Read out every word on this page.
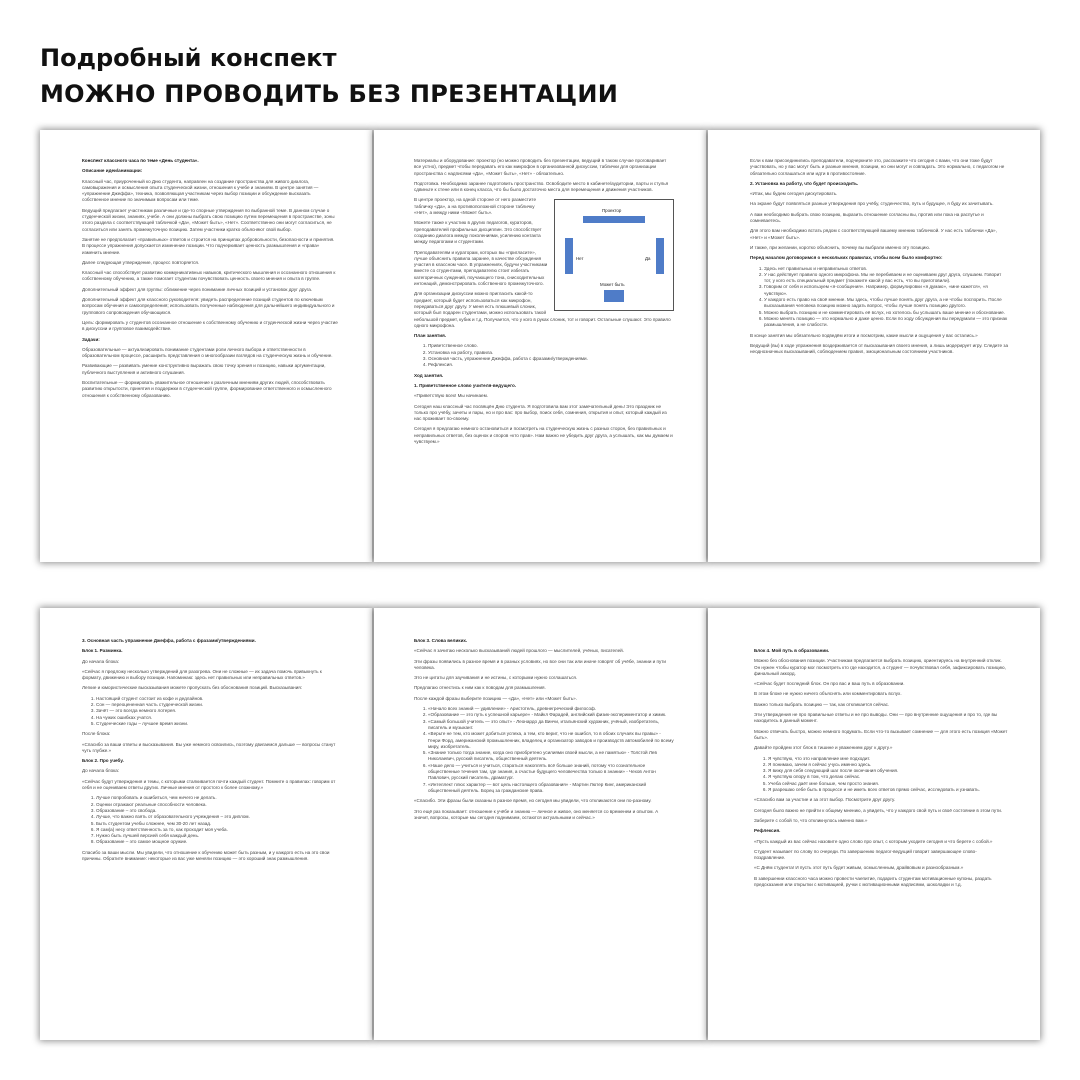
Подробный конспект
МОЖНО ПРОВОДИТЬ БЕЗ ПРЕЗЕНТАЦИИ
Конспект классного часа по теме «День студента».
Описание идеи/анимации:
Классный час, приуроченный ко Дню студента, направлен на создание пространства для живого диалога, самовыражения и осмысления опыта студенческой жизни, отношения к учебе и знаниям. В центре занятия — «упражнение Джеффа», техника, позволяющая участникам через выбор позиции и обсуждение высказать собственное мнение по значимым вопросам или теме.
Ведущий предлагает участникам различные и где-то спорные утверждения по выбранной теме. В данном случае о студенческой жизни, знаниях, учебе. А они должны выбрать свою позицию путем перемещения в пространстве, зоны этого раздела с соответствующей табличкой «Да», «Может быть», «Нет». Соответственно они могут согласиться, не согласиться или занять промежуточную позицию. Затем участники кратко объясняют свой выбор.
Занятие не предполагает «правильных» ответов и строится на принципах добровольности, безопасности и принятия. В процессе упражнения допускается изменение позиции. Что подчеркивает ценность размышления и «права» изменить мнение.
Далее следующая утверждение, процесс повторяется.
Классный час способствует развитию коммуникативных навыков, критического мышления и осознанного отношения к собственному обучению, а также помогает студентам почувствовать ценность своего мнения и опыта в группе.
Дополнительный эффект для группы: сближение через понимание личных позиций и установок друг друга.
Дополнительный эффект для классного руководителя: увидеть распределение позиций студентов по ключевым вопросам обучения и самоопределения; использовать полученные наблюдения для дальнейшего индивидуального и группового сопровождения обучающихся.
Цель: формировать у студентов осознанное отношение к собственному обучению и студенческой жизни через участие в дискуссии и групповое взаимодействие.
Задачи:
Образовательные — актуализировать понимание студентами роли личного выбора и ответственности в образовательном процессе, расширить представления о многообразии взглядов на студенческую жизнь и обучение.
Развивающие — развивать умение конструктивно выражать свою точку зрения и позицию, навыки аргументации, публичного выступления и активного слушания.
Воспитательные — формировать уважительное отношение к различным мнениям других людей, способствовать развитию открытости, принятия и поддержки в студенческой группе, формирование ответственного и осмысленного отношения к собственному образованию.
Материалы и оборудование: проектор (но можно проводить без презентации, ведущий в таком случае проговаривает все устно), предмет чтобы передавать его как микрофон в организованной дискуссии, таблички для организации пространства с надписями «Да», «Может быть», «Нет» - обязательно.
Подготовка. Необходимо заранее подготовить пространство. Освободите место в кабинете/аудитории, парты и стулья сдвиньте к стене или в конец класса, что бы было достаточно места для перемещения и движения участников.
Проектор
Нет	Да
Может быть
В центре проектор, на одной стороне от него разместите табличку «Да», а на противоположной стороне табличку «Нет», а между ними «Может быть».
Можете также к участию в других педагогов, кураторов, преподавателей профильных дисциплин. Это способствует созданию диалога между поколениями, усилению контакта между педагогами и студентами.
Преподавателям и кураторам, которых вы «пригласите», лучше объяснить правила заранее, в качестве обсуждения участия в классном часе. В упражнениях, будучи участниками вместе со студентами, преподавателю стоит избегать категоричных суждений, поучающего тона, снисходительных интонаций, демонстрировать собственного промежуточного.
Для организации дискуссии можно пригласить какой-то предмет, который будет использоваться как микрофон, передаваться друг другу. У меня есть плюшевый слоник, который был подарен студентами, можно использовать такой небольшой предмет, кубик и т.д. Получается, что у кого в руках слоник, тот и говорит. Остальные слушают. Это правило одного микрофона.
План занятия.
1. Приветственное слово.
2. Установка на работу, правила.
3. Основная часть, упражнение Джеффа, работа с фразами/утверждениями.
4. Рефлексия.
Ход занятия.
1. Приветственное слово учителя-ведущего.
«Приветствую всех! Мы начинаем.
Сегодня наш классный час посвящён Дню студента. Я подготовила вам этот замечательный день! Это праздник не только про учёбу, зачеты и пары, но и про вас: про выбор, поиск себя, сомнения, открытия и опыт, который каждый из нас проживает по-своему.
Сегодня я предлагаю немного остановиться и посмотреть на студенческую жизнь с разных сторон, без правильных и неправильных ответов, без оценок и споров «кто прав». Нам важно не убедить друг друга, а услышать, как мы думаем и чувствуем.»
Если к вам присоединились преподаватели, подчеркните это, расскажите что сегодня с вами, что они тоже будут участвовать, но у вас могут быть и разные мнения, позиции, но они могут и совпадать. Это нормально, с педагогом не обязательно соглашаться или идти в противостояние.
2. Установка на работу, что будет происходить.
«Итак, мы будем сегодня дискутировать.
На экране будут появляться разные утверждения про учёбу, студенчество, путь и будущее, я буду их зачитывать.
А вам необходимо выбрать свою позицию, выразить отношение согласны вы, против или пока на распутье и сомневаетесь.
Для этого вам необходимо встать рядом с соответствующей вашему мнению табличкой. У нас есть таблички «Да», «Нет» и «Может быть».
И также, при желании, коротко объяснить, почему вы выбрали именно эту позицию.
Перед началом договоримся о нескольких правилах, чтобы всем было комфортно:
1. Здесь нет правильных и неправильных ответов.
2. У нас действует правило одного микрофона. Мы не перебиваем и не оцениваем друг друга, слушаем. Говорит тот, у кого есть специальный предмет (покажите какой у вас есть, что вы приготовили).
3. Говорим от себя и используем «я-сообщения». Например, формулировки «я думаю», «мне кажется», «я чувствую».
4. У каждого есть право на своё мнение. Мы здесь, чтобы лучше понять друг друга, а не чтобы поспорить. После высказывания человека позицию можно задать вопрос, чтобы лучше понять позицию другого.
5. Можно выбрать позицию и не комментировать её вслух, но хотелось бы услышать ваше мнение и обоснование.
6. Можно менять позицию — это нормально и даже ценно. Если по ходу обсуждения вы передумали — это признак размышления, а не слабости.
В конце занятия мы обязательно подведём итоги и посмотрим, какие мысли и ощущения у вас остались.»
Ведущий (вы) в ходе упражнения воздерживается от высказывания своего мнения, а лишь модерирует игру. Следите за неоднозначных высказываний, соблюдением правил, эмоциональным состоянием участников.
3. Основная часть упражнение Джеффа, работа с фразами/утверждениями.
Блок 1. Разминка.
До начала блока:
«Сейчас я предложу несколько утверждений для разогрева. Они не сложные — их задача помочь привыкнуть к формату, движению и выбору позиции. Напоминаю: здесь нет правильных или неправильных ответов.»
Легкие и юмористические высказывания можете пропускать без обоснования позиций. Высказывания:
1. Настоящий студент состоит из кофе и дедлайнов.
2. Сон — переоцененная часть студенческой жизни.
3. Зачёт — это всегда немного лотерея.
4. На чужих ошибках учатся.
5. Студенческие годы – лучшее время жизни.
После блока:
«Спасибо за ваши ответы и высказывания. Вы уже немного освоились, поэтому двигаемся дальше — вопросы станут чуть глубже.»
Блок 2. Про учебу.
До начала блока:
«Сейчас будут утверждения и темы, с которыми сталкивается почти каждый студент. Помните о правилах: говорим от себя и не оцениваем ответы других. Личные мнения от простого к более сложному.»
1. Лучше попробовать и ошибиться, чем ничего не делать.
2. Оценки отражают реальные способности человека.
3. Образование – это свобода.
4. Лучше, что важно взять от образовательного учреждения – это диплом.
5. Быть студентом учебы сложнее, чем 30-20 лет назад.
6. Я сам(а) несу ответственность за то, как проходит моя учеба.
7. Нужно быть лучшей версией себя каждый день.
8. Образование – это самое мощное оружие.
Спасибо за ваши мысли. Мы увидели, что отношение к обучению может быть разным, и у каждого есть на это свои причины. Обратите внимание: некоторые из вас уже меняли позицию — это хороший знак размышления.
Блок 3. Слова великих.
«Сейчас я зачитаю несколько высказываний людей прошлого — мыслителей, учёных, писателей.
Эти фразы появились в разное время и в разных условиях, но все они так или иначе говорят об учёбе, знании и пути человека.
Это не цитаты для заучивания и не истины, с которыми нужно соглашаться.
Предлагаю отнестись к ним как к поводам для размышления.
После каждой фразы выберите позицию — «Да», «Нет» или «Может быть».
1. «Начало всех знаний — удивление» - Аристотель, древнегреческий философ.
2. «Образование — это путь к успешной карьере» - Майкл Фарадей, английский физик-экспериментатор и химик.
3. «Самый большой учитель — это опыт» - Леонардо да Винчи, итальянский художник, учёный, изобретатель, писатель и музыкант.
4. «Верьте не тем, кто может добиться успеха, а тем, кто верит, что не ошибся, то в обоих случаях вы правы» - Генри Форд, американский промышленник, владелец и организатор заводов и производств автомобилей по всему миру, изобретатель.
5. «Знание только тогда знание, когда оно приобретено усилиями своей мысли, а не памятью» - Толстой Лев Николаевич, русский писатель, общественный деятель.
6. «Наше дело — учиться и учиться, стараться накоплять всё больше знаний, потому что сознательное общественные течения там, где знания, а счастье будущего человечества только в знании» - Чехов Антон Павлович, русский писатель, драматург.
7. «Интеллект плюс характер — вот цель настоящего образования» - Мартин Лютер Кинг, американский общественный деятель. Борец за гражданские права.
«Спасибо. Эти фразы были сказаны в разное время, но сегодня мы увидели, что откликаются они по-разному.
Это ещё раз показывает: отношение к учёбе и знанию — личное и живое, оно меняется со временем и опытом. А значит, вопросы, которые мы сегодня поднимаем, остаются актуальными и сейчас.»
Блок 4. Мой путь в образовании.
Можно без обоснования позиции. Участникам предлагается выбрать позицию, ориентируясь на внутренний отклик. Он нужен чтобы куратор мог посмотреть кто где находится, а студент — почувствовал себя, зафиксировать позицию, финальный аккорд.
«Сейчас будет последний блок. Он про вас и ваш путь в образовании.
В этом блоке не нужно ничего объяснять или комментировать вслух.
Важно только выбрать позицию — так, как откликается сейчас.
Эти утверждения не про правильные ответы и не про выводы. Они — про внутренние ощущения и про то, где вы находитесь в данный момент.
Можно отвечать быстро, можно немного подумать. Если что-то вызывает сомнение — для этого есть позиция «Может быть».
Давайте пройдем этот блок в тишине и уважением друг к другу.»
1. Я чувствую, что это направление мне подходит.
2. Я понимаю, зачем я сейчас учусь именно здесь.
3. Я вижу для себя следующий шаг после окончания обучения.
4. Я чувствую опору в том, что делаю сейчас.
5. Учеба сейчас даёт мне больше, чем просто знания.
6. Я разрешаю себе быть в процессе и не иметь всех ответов прямо сейчас, исследовать и узнавать.
«Спасибо вам за участие и за этот выбор. Посмотрите друг другу.
Сегодня было важно не прийти к общему мнению, а увидеть, что у каждого свой путь и своё состояние в этом пути.
Заберите с собой то, что откликнулось именно вам.»
Рефлексия.
«Пусть каждый из вас сейчас назовите одно слово про опыт, с которым уходите сегодня и что берете с собой.»
Студент называет по слову по очереди. По завершению педагог-ведущий говорит завершающее слово-поздравление.
«С Днём студента! И пусть этот путь будет живым, осмысленным, драйвовым и разнообразным.»
В завершении классного часа можно провести чаепитие, подарить студентам мотивационные купоны, раздать предсказания или открытки с мотивацией, ручки с мотивационными надписями, шоколадки и т.д.
